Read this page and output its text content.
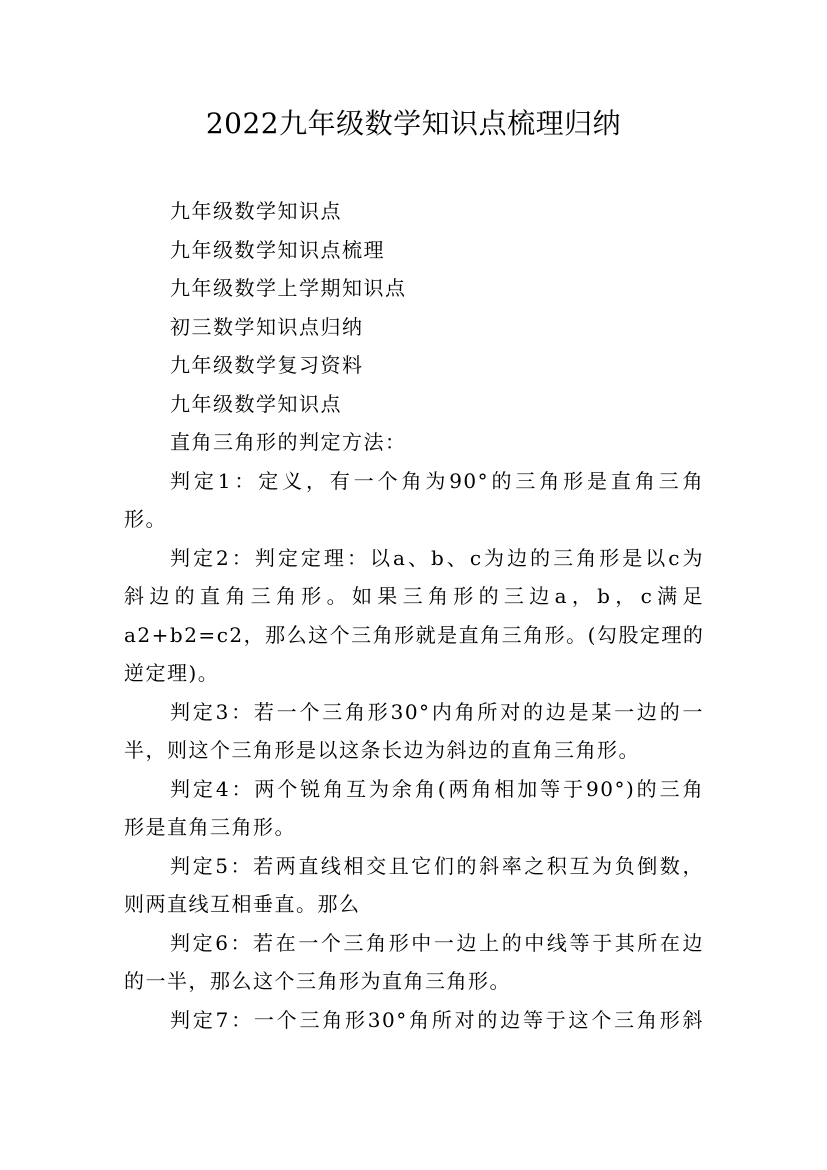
2022九年级数学知识点梳理归纳
九年级数学知识点
九年级数学知识点梳理
九年级数学上学期知识点
初三数学知识点归纳
九年级数学复习资料
九年级数学知识点
直角三角形的判定方法：
判定1：定义，有一个角为90°的三角形是直角三角
形。
判定2：判定定理：以a、b、c为边的三角形是以c为
斜边的直角三角形。如果三角形的三边a，b，c满足
a2+b2=c2，那么这个三角形就是直角三角形。(勾股定理的
逆定理)。
判定3：若一个三角形30°内角所对的边是某一边的一
半，则这个三角形是以这条长边为斜边的直角三角形。
判定4：两个锐角互为余角(两角相加等于90°)的三角
形是直角三角形。
判定5：若两直线相交且它们的斜率之积互为负倒数，
则两直线互相垂直。那么
判定6：若在一个三角形中一边上的中线等于其所在边
的一半，那么这个三角形为直角三角形。
判定7：一个三角形30°角所对的边等于这个三角形斜
